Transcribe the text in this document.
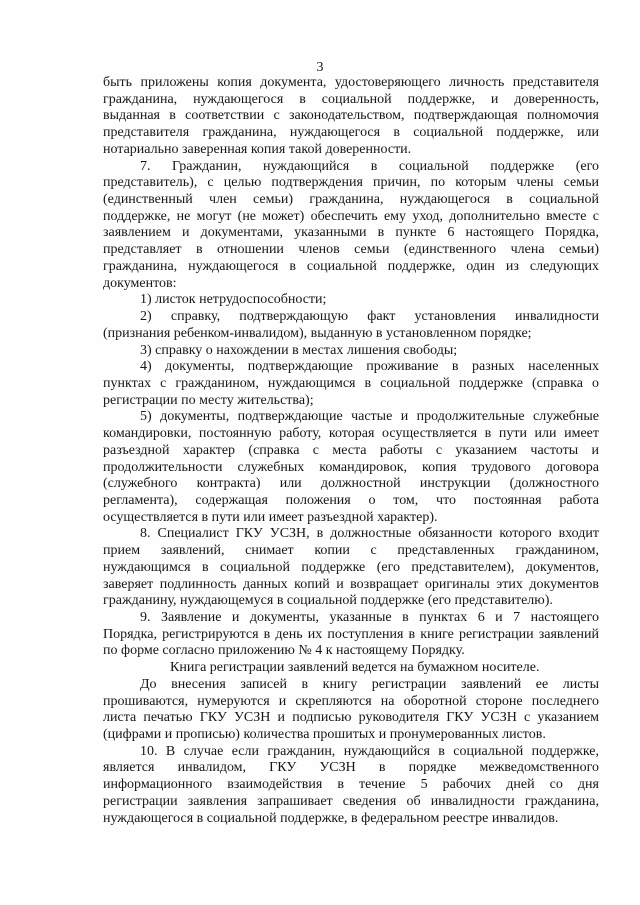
3
быть приложены копия документа, удостоверяющего личность представителя
гражданина, нуждающегося в социальной поддержке, и доверенность,
выданная в соответствии с законодательством, подтверждающая полномочия
представителя гражданина, нуждающегося в социальной поддержке, или
нотариально заверенная копия такой доверенности.
7. Гражданин, нуждающийся в социальной поддержке (его
представитель), с целью подтверждения причин, по которым члены семьи
(единственный член семьи) гражданина, нуждающегося в социальной
поддержке, не могут (не может) обеспечить ему уход, дополнительно вместе с
заявлением и документами, указанными в пункте 6 настоящего Порядка,
представляет в отношении членов семьи (единственного члена семьи)
гражданина, нуждающегося в социальной поддержке, один из следующих
документов:
1) листок нетрудоспособности;
2) справку, подтверждающую факт установления инвалидности
(признания ребенком-инвалидом), выданную в установленном порядке;
3) справку о нахождении в местах лишения свободы;
4) документы, подтверждающие проживание в разных населенных
пунктах с гражданином, нуждающимся в социальной поддержке (справка о
регистрации по месту жительства);
5) документы, подтверждающие частые и продолжительные служебные
командировки, постоянную работу, которая осуществляется в пути или имеет
разъездной характер (справка с места работы с указанием частоты и
продолжительности служебных командировок, копия трудового договора
(служебного контракта) или должностной инструкции (должностного
регламента), содержащая положения о том, что постоянная работа
осуществляется в пути или имеет разъездной характер).
8. Специалист ГКУ УСЗН, в должностные обязанности которого входит
прием заявлений, снимает копии с представленных гражданином,
нуждающимся в социальной поддержке (его представителем), документов,
заверяет подлинность данных копий и возвращает оригиналы этих документов
гражданину, нуждающемуся в социальной поддержке (его представителю).
9. Заявление и документы, указанные в пунктах 6 и 7 настоящего
Порядка, регистрируются в день их поступления в книге регистрации заявлений
по форме согласно приложению № 4 к настоящему Порядку.
Книга регистрации заявлений ведется на бумажном носителе.
До внесения записей в книгу регистрации заявлений ее листы
прошиваются, нумеруются и скрепляются на оборотной стороне последнего
листа печатью ГКУ УСЗН и подписью руководителя ГКУ УСЗН с указанием
(цифрами и прописью) количества прошитых и пронумерованных листов.
10. В случае если гражданин, нуждающийся в социальной поддержке,
является инвалидом, ГКУ УСЗН в порядке межведомственного
информационного взаимодействия в течение 5 рабочих дней со дня
регистрации заявления запрашивает сведения об инвалидности гражданина,
нуждающегося в социальной поддержке, в федеральном реестре инвалидов.
